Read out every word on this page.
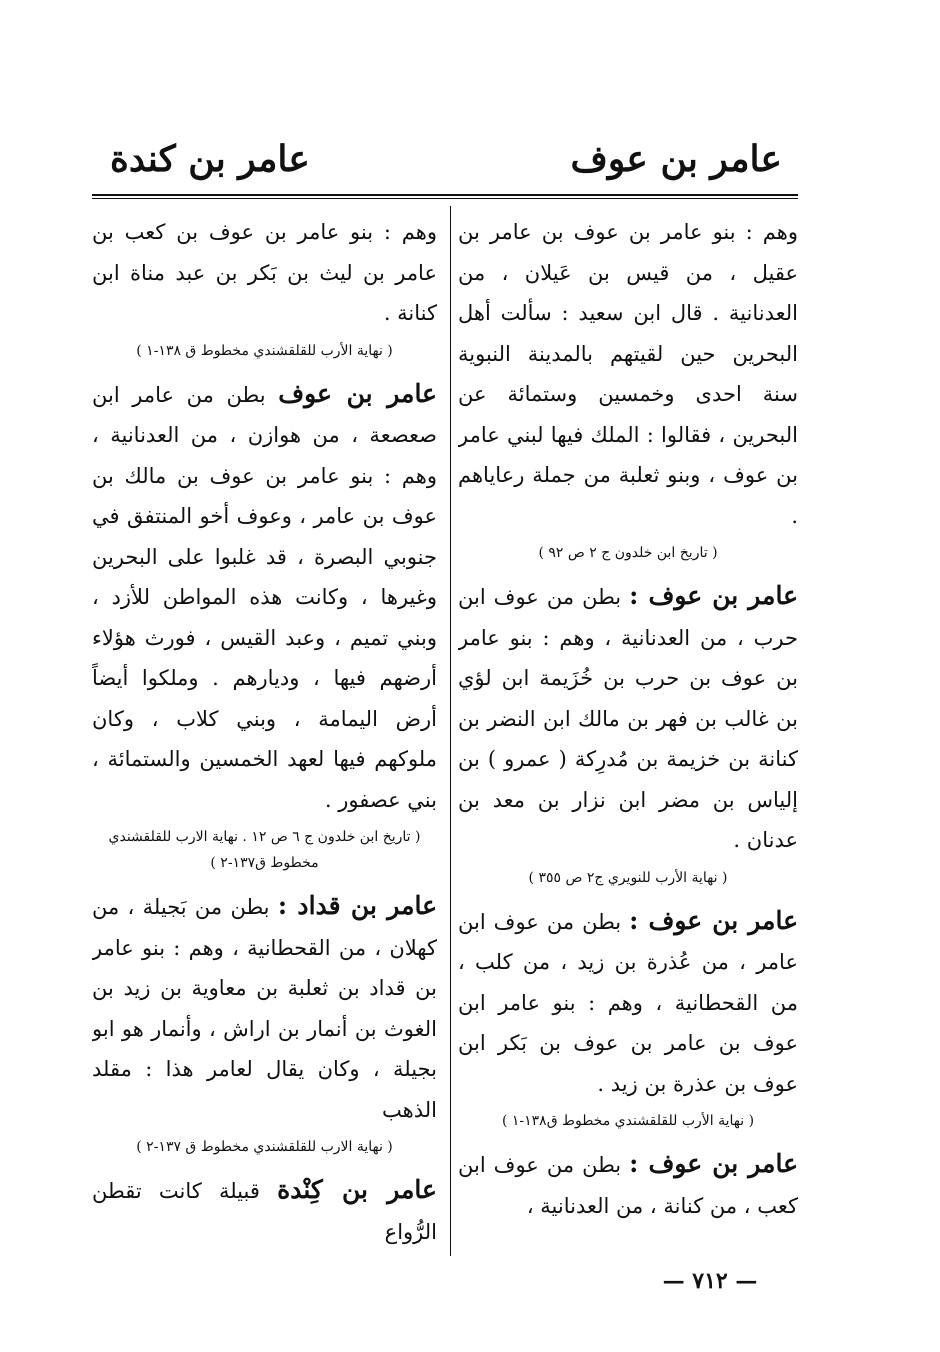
عامر بن عوف
عامر بن كندة

وهم : بنو عامر بن عوف بن عامر بن عقيل ، من قيس بن عَيلان ، من العدنانية . قال ابن سعيد : سألت أهل البحرين حين لقيتهم بالمدينة النبوية سنة احدى وخمسين وستمائة عن البحرين ، فقالوا : الملك فيها لبني عامر بن عوف ، وبنو ثعلبة من جملة رعاياهم .

( تاريخ ابن خلدون ج ٢ ص ٩٢ )

عامر بن عوف : بطن من عوف ابن حرب ، من العدنانية ، وهم : بنو عامر بن عوف بن حرب بن خُزَيمة ابن لؤي بن غالب بن فهر بن مالك ابن النضر بن كنانة بن خزيمة بن مُدرِكة ( عمرو ) بن إلياس بن مضر ابن نزار بن معد بن عدنان .

( نهاية الأرب للنويري ج٢ ص ٣٥٥ )

عامر بن عوف : بطن من عوف ابن عامر ، من عُذرة بن زيد ، من كلب ، من القحطانية ، وهم : بنو عامر ابن عوف بن عامر بن عوف بن بَكر ابن عوف بن عذرة بن زيد .

( نهاية الأرب للقلقشندي مخطوط ق١٣٨-١ )

عامر بن عوف : بطن من عوف ابن كعب ، من كنانة ، من العدنانية ،

وهم : بنو عامر بن عوف بن كعب بن عامر بن ليث بن بَكر بن عبد مناة ابن كنانة .

( نهاية الأرب للقلقشندي مخطوط ق ١٣٨-١ )

عامر بن عوف بطن من عامر ابن صعصعة ، من هوازن ، من العدنانية ، وهم : بنو عامر بن عوف بن مالك بن عوف بن عامر ، وعوف أخو المنتفق في جنوبي البصرة ، قد غلبوا على البحرين وغيرها ، وكانت هذه المواطن للأزد ، وبني تميم ، وعبد القيس ، فورث هؤلاء أرضهم فيها ، وديارهم . وملكوا أيضاً أرض اليمامة ، وبني كلاب ، وكان ملوكهم فيها لعهد الخمسين والستمائة ، بني عصفور .

( تاريخ ابن خلدون ج ٦ ص ١٢ . نهاية الارب للقلقشندي مخطوط ق١٣٧-٢ )

عامر بن قداد : بطن من بَجيلة ، من كهلان ، من القحطانية ، وهم : بنو عامر بن قداد بن ثعلبة بن معاوية بن زيد بن الغوث بن أنمار بن اراش ، وأنمار هو ابو بجيلة ، وكان يقال لعامر هذا : مقلد الذهب

( نهاية الارب للقلقشندي مخطوط ق ١٣٧-٢ )

عامر بن كِنْدة قبيلة كانت تقطن الرُّواع

— ٧١٢ —
